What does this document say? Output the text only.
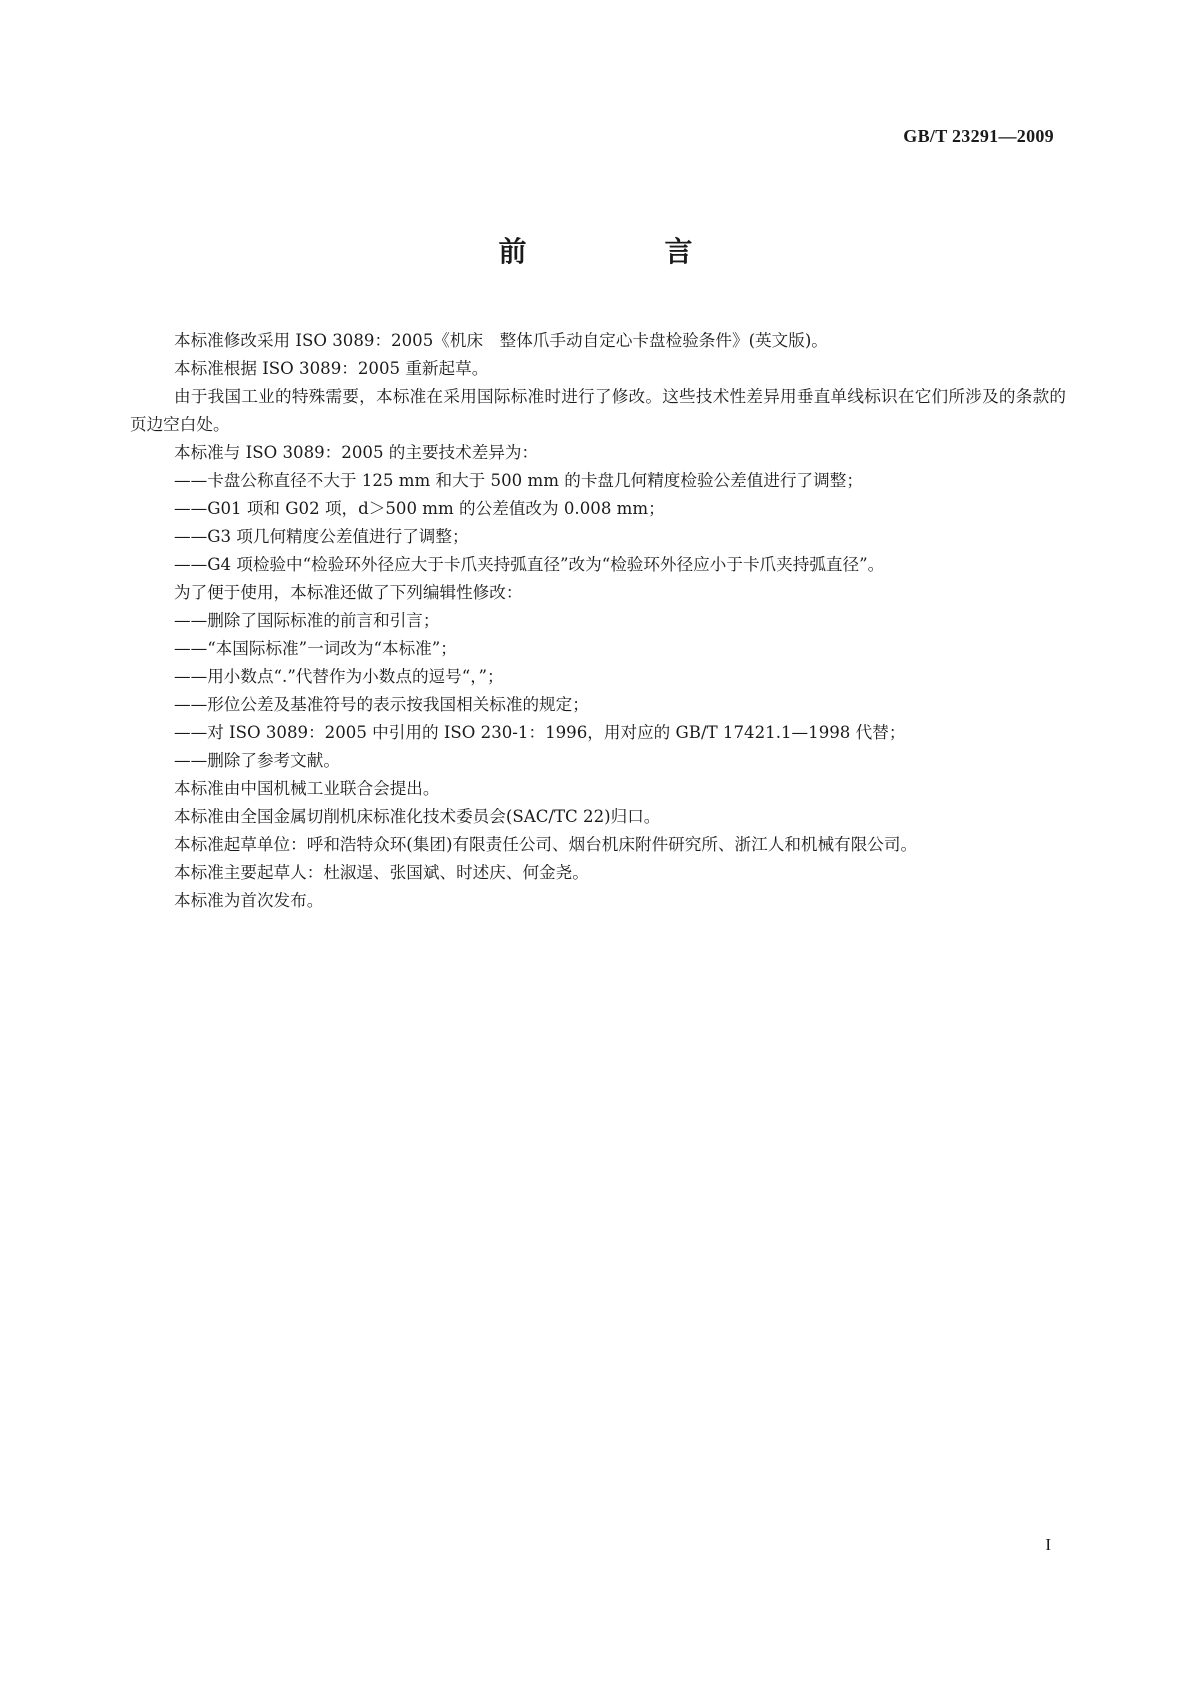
GB/T 23291—2009
前　言

本标准修改采用 ISO 3089：2005《机床　整体爪手动自定心卡盘检验条件》(英文版)。

本标准根据 ISO 3089：2005 重新起草。

由于我国工业的特殊需要，本标准在采用国际标准时进行了修改。这些技术性差异用垂直单线标识在它们所涉及的条款的页边空白处。

本标准与 ISO 3089：2005 的主要技术差异为：

——卡盘公称直径不大于 125 mm 和大于 500 mm 的卡盘几何精度检验公差值进行了调整；

——G01 项和 G02 项，d＞500 mm 的公差值改为 0.008 mm；

——G3 项几何精度公差值进行了调整；

——G4 项检验中“检验环外径应大于卡爪夹持弧直径”改为“检验环外径应小于卡爪夹持弧直径”。

为了便于使用，本标准还做了下列编辑性修改：

——删除了国际标准的前言和引言；

——“本国际标准”一词改为“本标准”；

——用小数点“.”代替作为小数点的逗号“，”；

——形位公差及基准符号的表示按我国相关标准的规定；

——对 ISO 3089：2005 中引用的 ISO 230-1：1996，用对应的 GB/T 17421.1—1998 代替；

——删除了参考文献。

本标准由中国机械工业联合会提出。

本标准由全国金属切削机床标准化技术委员会(SAC/TC 22)归口。

本标准起草单位：呼和浩特众环(集团)有限责任公司、烟台机床附件研究所、浙江人和机械有限公司。

本标准主要起草人：杜淑逞、张国斌、时述庆、何金尧。

本标准为首次发布。

I
